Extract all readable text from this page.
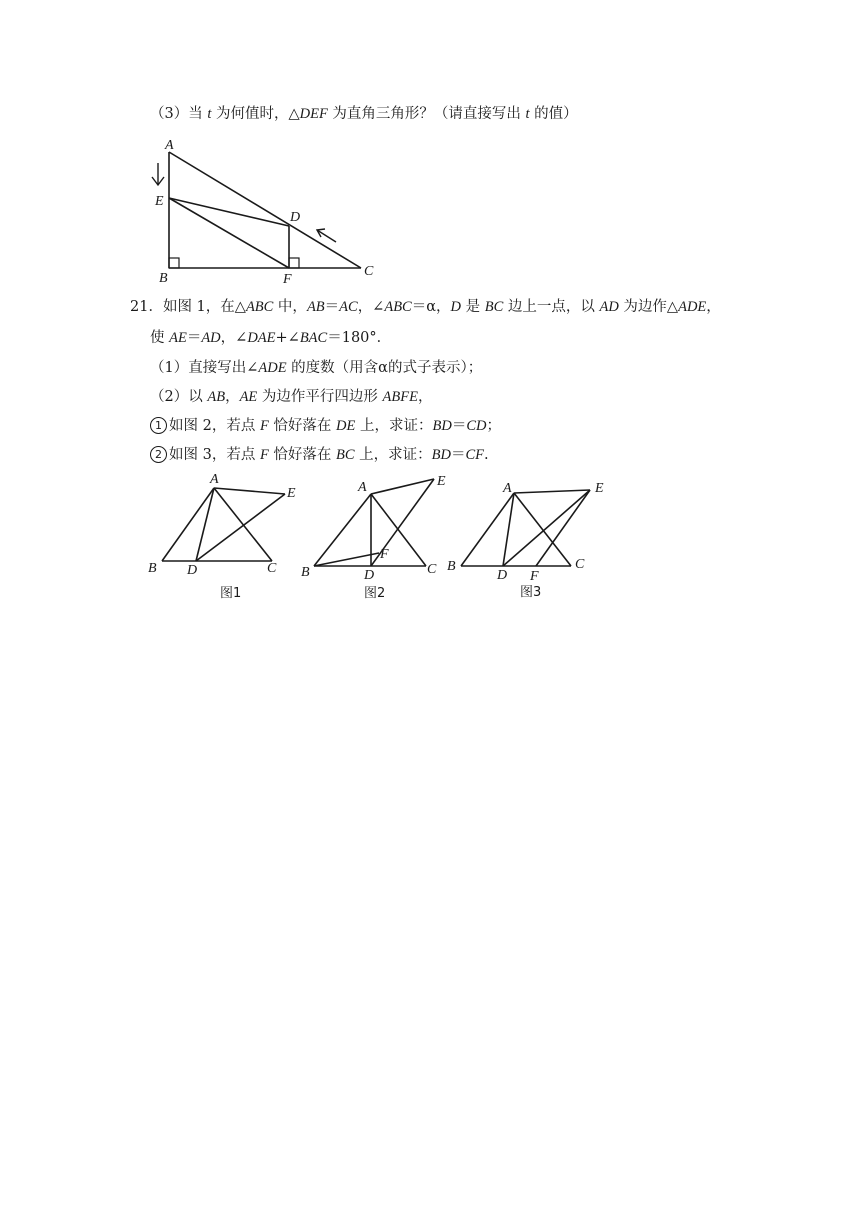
（3）当 t 为何值时，△DEF 为直角三角形？（请直接写出 t 的值）
A
E
D
B	F
C
21．如图 1，在△ABC 中，AB＝AC，∠ABC＝α，D 是 BC 边上一点，以 AD 为边作△ADE，
使 AE＝AD，∠DAE+∠BAC＝180°．
（1）直接写出∠ADE 的度数（用含α的式子表示）；
（2）以 AB，AE 为边作平行四边形 ABFE，
1 如图 2，若点 F 恰好落在 DE 上，求证：BD＝CD；
2 如图 3，若点 F 恰好落在 BC 上，求证：BD＝CF.
A
E
B D	C
图1
A	E
F
B	D	C
图2
A	E
B
D F
C
图3
